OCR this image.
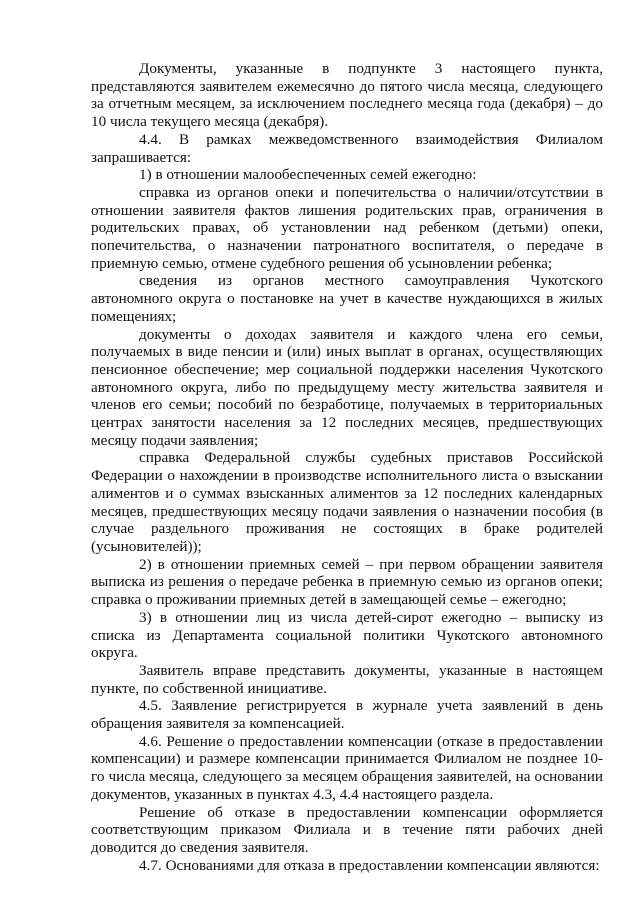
Документы, указанные в подпункте 3 настоящего пункта, представляются заявителем ежемесячно до пятого числа месяца, следующего за отчетным месяцем, за исключением последнего месяца года (декабря) – до 10 числа текущего месяца (декабря).

4.4. В рамках межведомственного взаимодействия Филиалом запрашивается:

1) в отношении малообеспеченных семей ежегодно:

справка из органов опеки и попечительства о наличии/отсутствии в отношении заявителя фактов лишения родительских прав, ограничения в родительских правах, об установлении над ребенком (детьми) опеки, попечительства, о назначении патронатного воспитателя, о передаче в приемную семью, отмене судебного решения об усыновлении ребенка;

сведения из органов местного самоуправления Чукотского автономного округа о постановке на учет в качестве нуждающихся в жилых помещениях;

документы о доходах заявителя и каждого члена его семьи, получаемых в виде пенсии и (или) иных выплат в органах, осуществляющих пенсионное обеспечение; мер социальной поддержки населения Чукотского автономного округа, либо по предыдущему месту жительства заявителя и членов его семьи; пособий по безработице, получаемых в территориальных центрах занятости населения за 12 последних месяцев, предшествующих месяцу подачи заявления;

справка Федеральной службы судебных приставов Российской Федерации о нахождении в производстве исполнительного листа о взыскании алиментов и о суммах взысканных алиментов за 12 последних календарных месяцев, предшествующих месяцу подачи заявления о назначении пособия (в случае раздельного проживания не состоящих в браке родителей (усыновителей));

2) в отношении приемных семей – при первом обращении заявителя выписка из решения о передаче ребенка в приемную семью из органов опеки; справка о проживании приемных детей в замещающей семье – ежегодно;

3) в отношении лиц из числа детей-сирот ежегодно – выписку из списка из Департамента социальной политики Чукотского автономного округа.

Заявитель вправе представить документы, указанные в настоящем пункте, по собственной инициативе.

4.5. Заявление регистрируется в журнале учета заявлений в день обращения заявителя за компенсацией.

4.6. Решение о предоставлении компенсации (отказе в предоставлении компенсации) и размере компенсации принимается Филиалом не позднее 10-го числа месяца, следующего за месяцем обращения заявителей, на основании документов, указанных в пунктах 4.3, 4.4 настоящего раздела.

Решение об отказе в предоставлении компенсации оформляется соответствующим приказом Филиала и в течение пяти рабочих дней доводится до сведения заявителя.

4.7. Основаниями для отказа в предоставлении компенсации являются:
